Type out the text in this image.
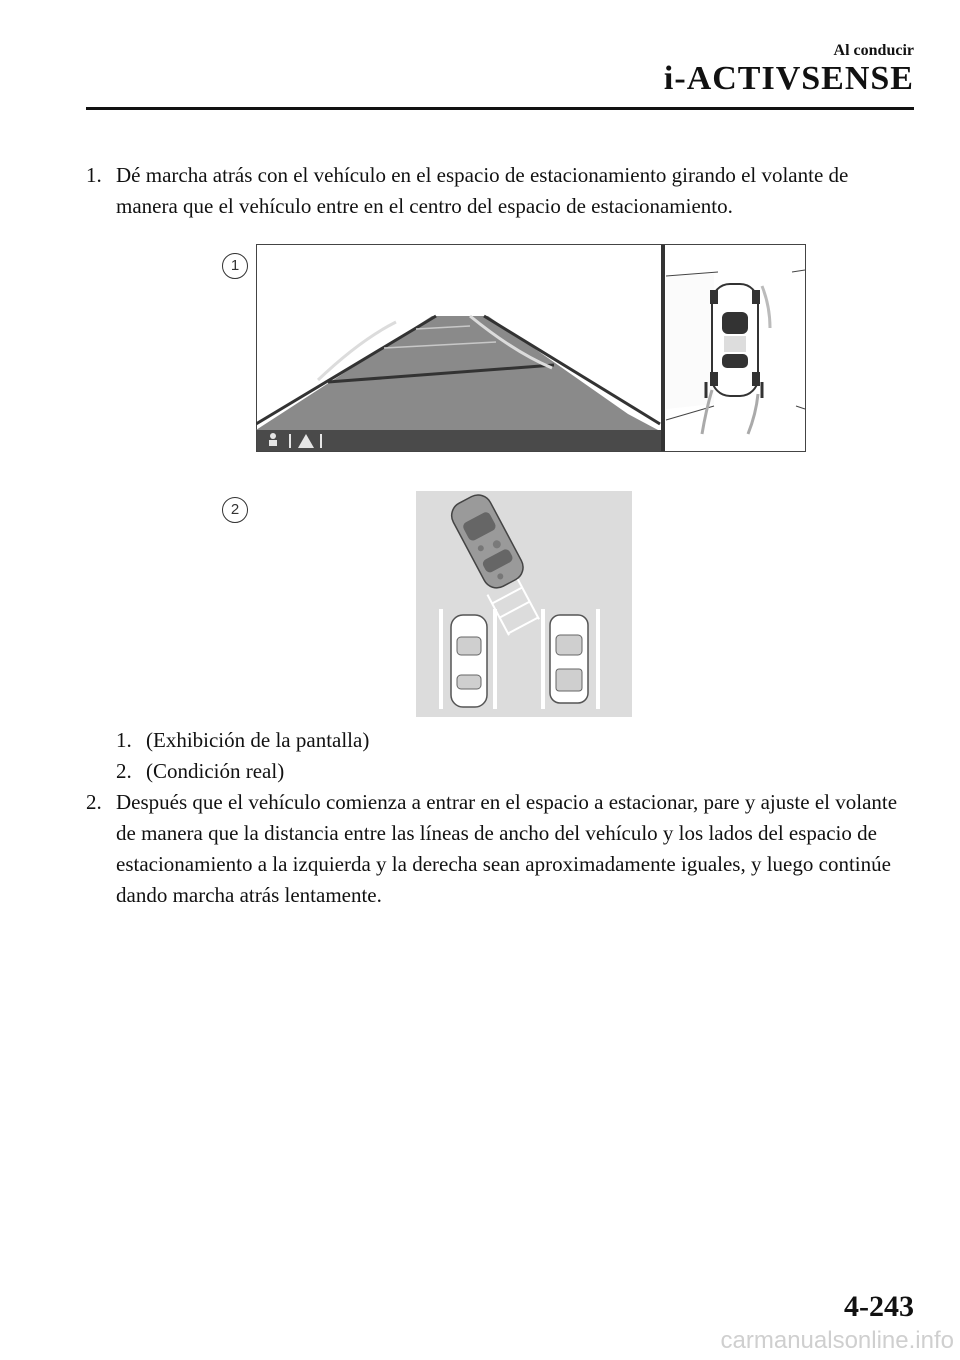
Al conducir
i-ACTIVSENSE
1. Dé marcha atrás con el vehículo en el espacio de estacionamiento girando el volante de manera que el vehículo entre en el centro del espacio de estacionamiento.
1
2
1. (Exhibición de la pantalla)
2. (Condición real)
2. Después que el vehículo comienza a entrar en el espacio a estacionar, pare y ajuste el volante de manera que la distancia entre las líneas de ancho del vehículo y los lados del espacio de estacionamiento a la izquierda y la derecha sean aproximadamente iguales, y luego continúe dando marcha atrás lentamente.
4-243
carmanualsonline.info
